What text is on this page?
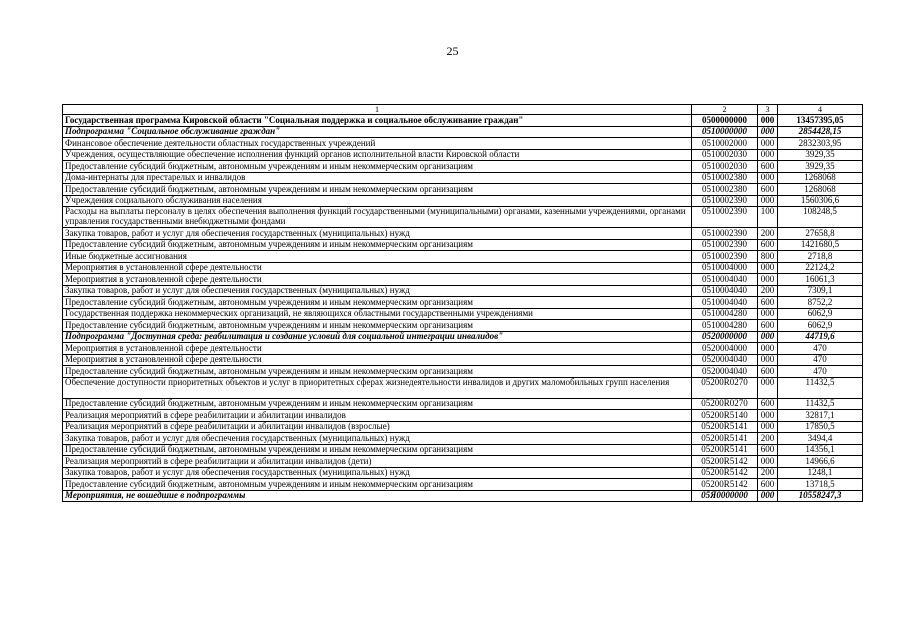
25
1	2	3	4
Государственная программа Кировской области "Социальная поддержка и социальное обслуживание граждан"	0500000000	000	13457395,05
Подпрограмма "Социальное обслуживание граждан"	0510000000	000	2854428,15
Финансовое обеспечение деятельности областных государственных учреждений	0510002000	000	2832303,95
Учреждения, осуществляющие обеспечение исполнения функций органов исполнительной власти Кировской области	0510002030	000	3929,35
Предоставление субсидий бюджетным, автономным учреждениям и иным некоммерческим организациям	0510002030	600	3929,35
Дома-интернаты для престарелых и инвалидов	0510002380	000	1268068
Предоставление субсидий бюджетным, автономным учреждениям и иным некоммерческим организациям	0510002380	600	1268068
Учреждения социального обслуживания населения	0510002390	000	1560306,6
Расходы на выплаты персоналу в целях обеспечения выполнения функций государственными (муниципальными) органами, казенными учреждениями, органами управления государственными внебюджетными фондами	0510002390	100	108248,5
Закупка товаров, работ и услуг для обеспечения государственных (муниципальных) нужд	0510002390	200	27658,8
Предоставление субсидий бюджетным, автономным учреждениям и иным некоммерческим организациям	0510002390	600	1421680,5
Иные бюджетные ассигнования	0510002390	800	2718,8
Мероприятия в установленной сфере деятельности	0510004000	000	22124,2
Мероприятия в установленной сфере деятельности	0510004040	000	16061,3
Закупка товаров, работ и услуг для обеспечения государственных (муниципальных) нужд	0510004040	200	7309,1
Предоставление субсидий бюджетным, автономным учреждениям и иным некоммерческим организациям	0510004040	600	8752,2
Государственная поддержка некоммерческих организаций, не являющихся областными государственными учреждениями	0510004280	000	6062,9
Предоставление субсидий бюджетным, автономным учреждениям и иным некоммерческим организациям	0510004280	600	6062,9
Подпрограмма "Доступная среда: реабилитация и создание условий для социальной интеграции инвалидов"	0520000000	000	44719,6
Мероприятия в установленной сфере деятельности	0520004000	000	470
Мероприятия в установленной сфере деятельности	0520004040	000	470
Предоставление субсидий бюджетным, автономным учреждениям и иным некоммерческим организациям	0520004040	600	470
Обеспечение доступности приоритетных объектов и услуг в приоритетных сферах жизнедеятельности инвалидов и других маломобильных групп населения	05200R0270	000	11432,5
Предоставление субсидий бюджетным, автономным учреждениям и иным некоммерческим организациям	05200R0270	600	11432,5
Реализация мероприятий в сфере реабилитации и абилитации инвалидов	05200R5140	000	32817,1
Реализация мероприятий в сфере реабилитации и абилитации инвалидов (взрослые)	05200R5141	000	17850,5
Закупка товаров, работ и услуг для обеспечения государственных (муниципальных) нужд	05200R5141	200	3494,4
Предоставление субсидий бюджетным, автономным учреждениям и иным некоммерческим организациям	05200R5141	600	14356,1
Реализация мероприятий в сфере реабилитации и абилитации инвалидов (дети)	05200R5142	000	14966,6
Закупка товаров, работ и услуг для обеспечения государственных (муниципальных) нужд	05200R5142	200	1248,1
Предоставление субсидий бюджетным, автономным учреждениям и иным некоммерческим организациям	05200R5142	600	13718,5
Мероприятия, не вошедшие в подпрограммы	05Я0000000	000	10558247,3
